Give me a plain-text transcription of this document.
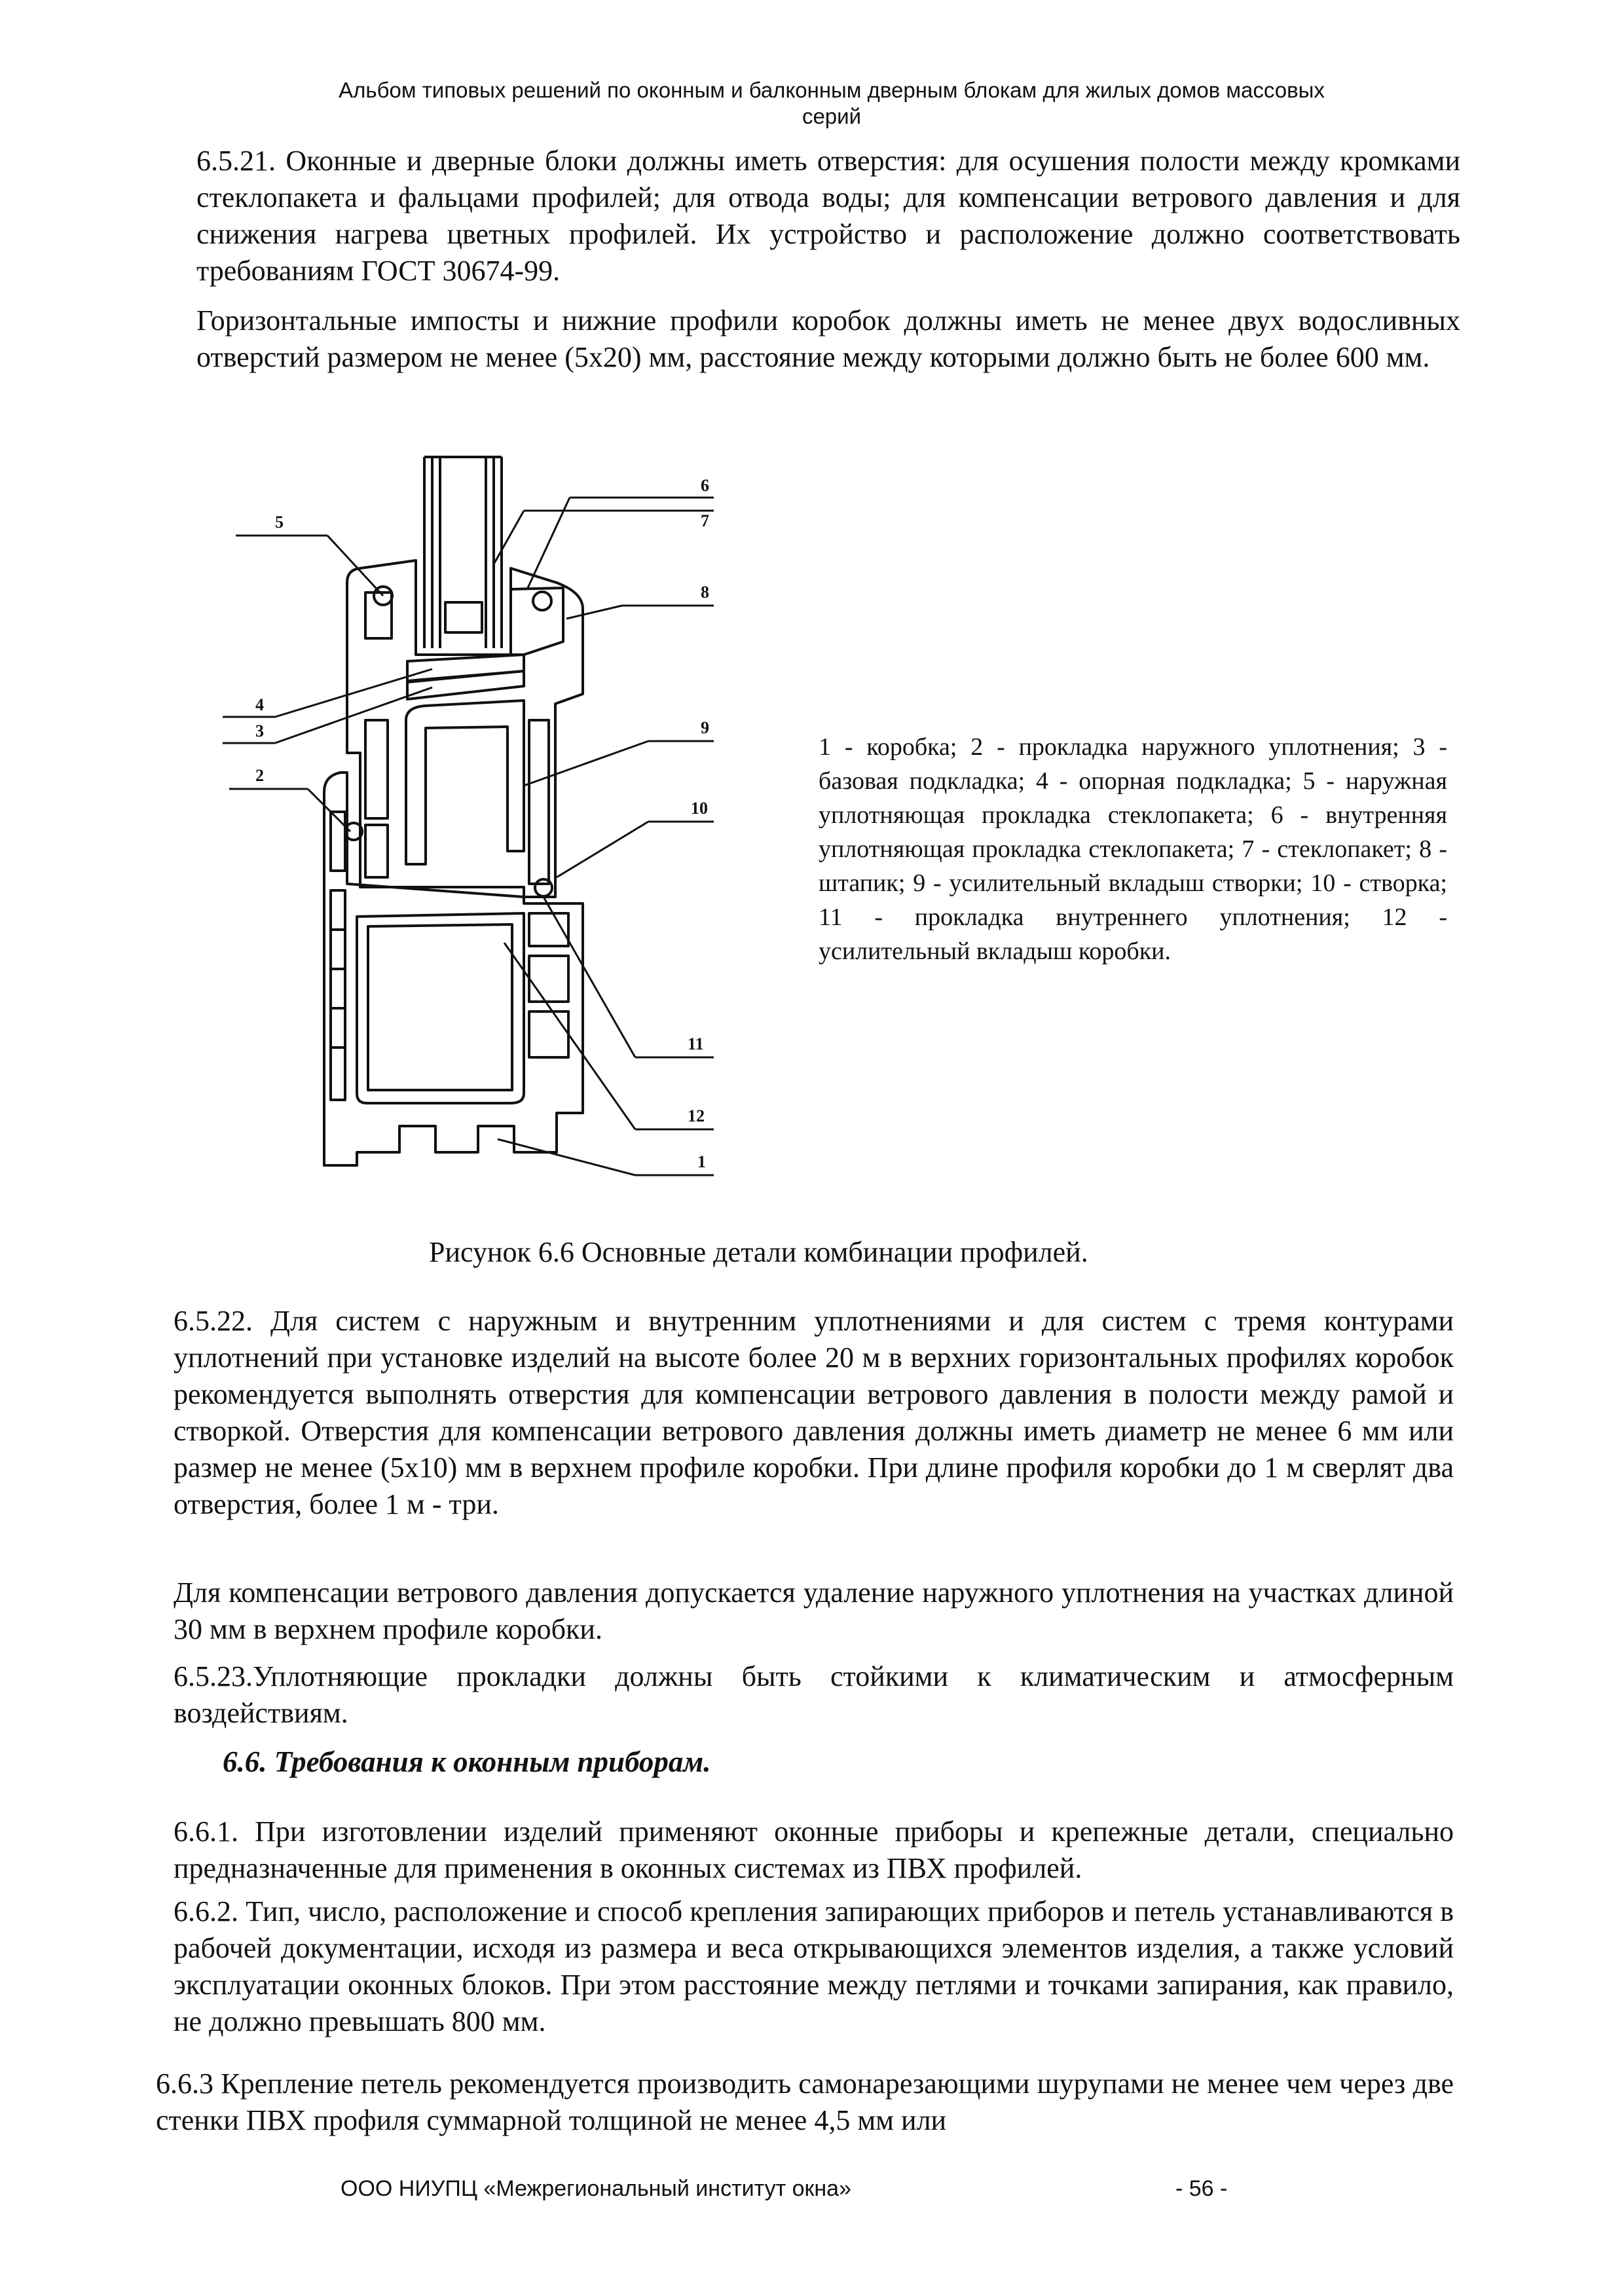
Альбом типовых решений по оконным и балконным дверным блокам для жилых домов массовых
серий

6.5.21. Оконные и дверные блоки должны иметь отверстия: для осушения полости между кромками стеклопакета и фальцами профилей; для отвода воды; для компенсации ветрового давления и для снижения нагрева цветных профилей. Их устройство и расположение должно соответствовать требованиям ГОСТ 30674-99.

Горизонтальные импосты и нижние профили коробок должны иметь не менее двух водосливных отверстий размером не менее (5х20) мм, расстояние между которыми должно быть не более 600 мм.

5
6
7
8
4
3	9
2
10
11
12
1
1 - коробка; 2 - прокладка наружного уплотнения; 3 - базовая подкладка; 4 - опорная подкладка; 5 - наружная уплотняющая прокладка стеклопакета; 6 - внутренняя уплотняющая прокладка стеклопакета; 7 - стеклопакет; 8 - штапик; 9 - усилительный вкладыш створки; 10 - створка; 11 - прокладка внутреннего уплотнения; 12 - усилительный вкладыш коробки.
Рисунок 6.6 Основные детали комбинации профилей.

6.5.22. Для систем с наружным и внутренним уплотнениями и для систем с тремя контурами уплотнений при установке изделий на высоте более 20 м в верхних горизонтальных профилях коробок рекомендуется выполнять отверстия для компенсации ветрового давления в полости между рамой и створкой. Отверстия для компенсации ветрового давления должны иметь диаметр не менее 6 мм или размер не менее (5х10) мм в верхнем профиле коробки. При длине профиля коробки до 1 м сверлят два отверстия, более 1 м - три.

Для компенсации ветрового давления допускается удаление наружного уплотнения на участках длиной 30 мм в верхнем профиле коробки.

6.5.23.Уплотняющие прокладки должны быть стойкими к климатическим и атмосферным воздействиям.

6.6. Требования к оконным приборам.

6.6.1. При изготовлении изделий применяют оконные приборы и крепежные детали, специально предназначенные для применения в оконных системах из ПВХ профилей.

6.6.2. Тип, число, расположение и способ крепления запирающих приборов и петель устанавливаются в рабочей документации, исходя из размера и веса открывающихся элементов изделия, а также условий эксплуатации оконных блоков. При этом расстояние между петлями и точками запирания, как правило, не должно превышать 800 мм.

6.6.3 Крепление петель рекомендуется производить самонарезающими шурупами не менее чем через две стенки ПВХ профиля суммарной толщиной не менее 4,5 мм или

ООО НИУПЦ «Межрегиональный институт окна»	- 56 -
